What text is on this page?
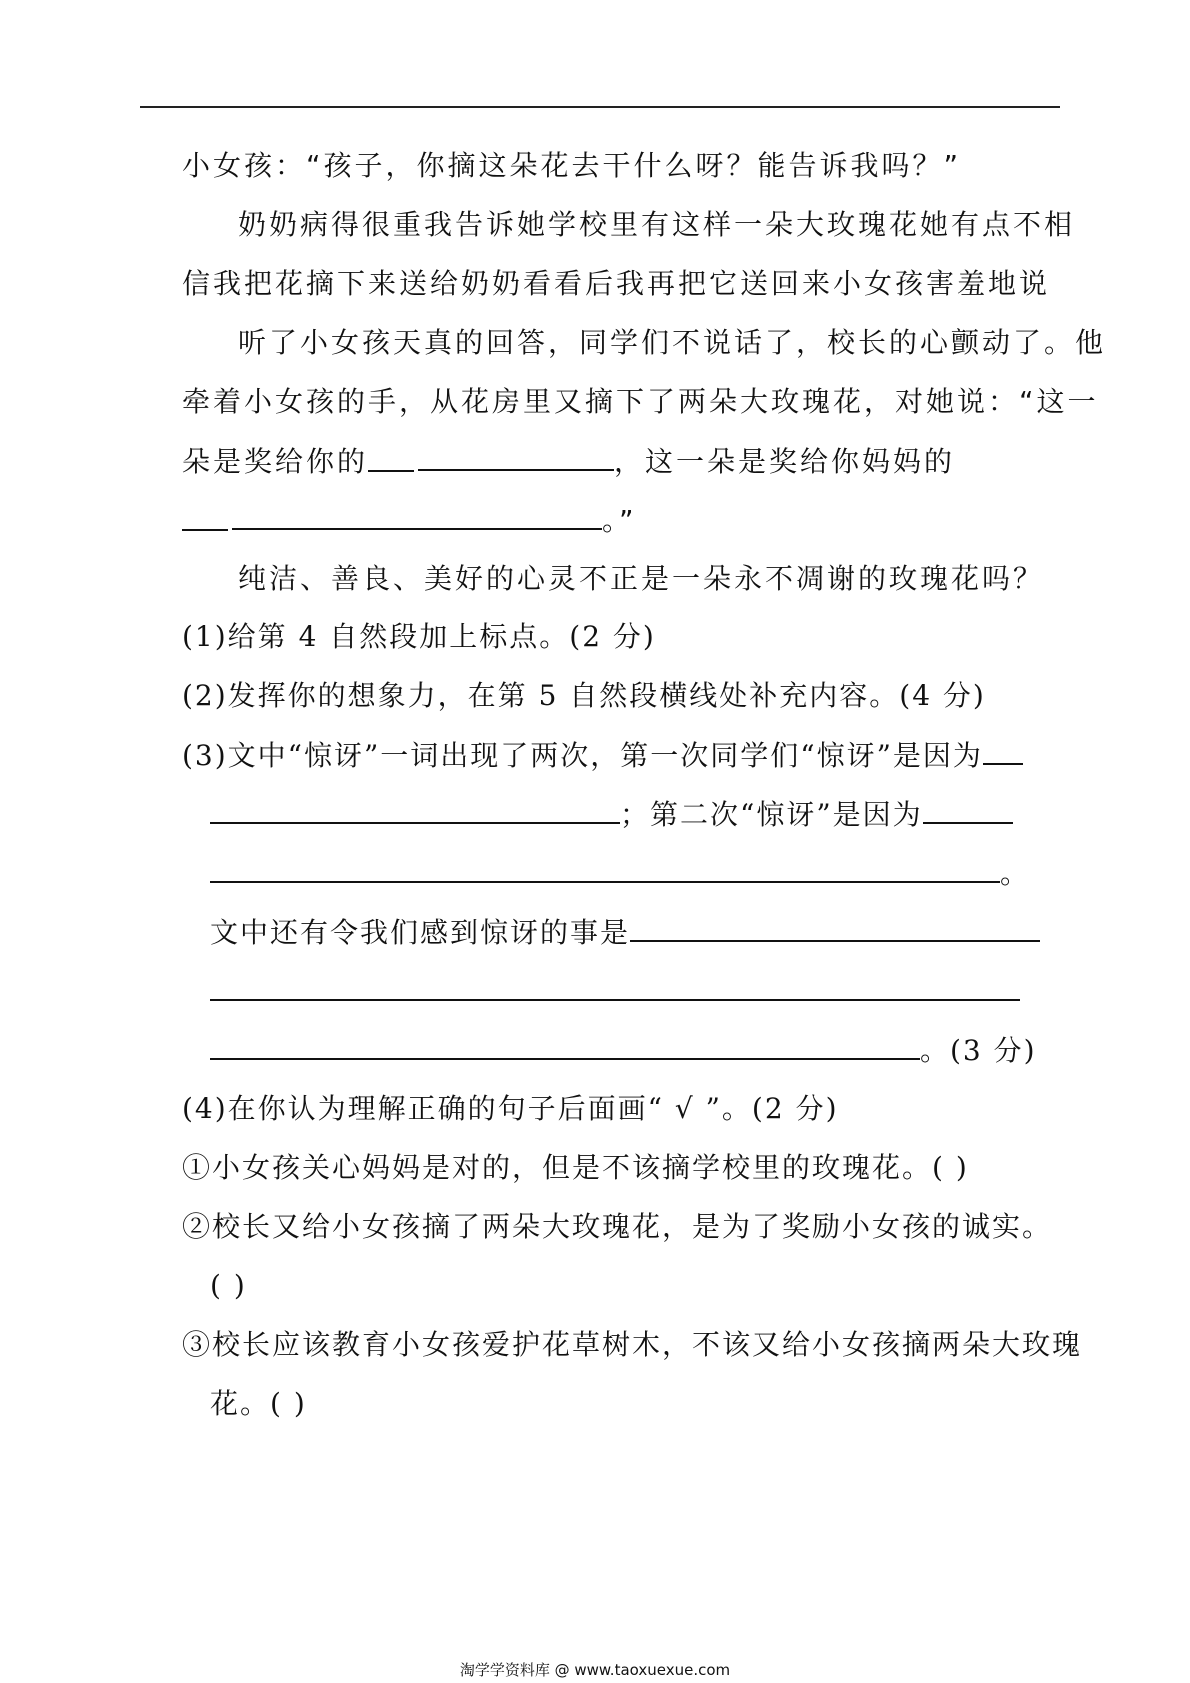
小女孩：“孩子，你摘这朵花去干什么呀？能告诉我吗？”
奶奶病得很重我告诉她学校里有这样一朵大玫瑰花她有点不相
信我把花摘下来送给奶奶看看后我再把它送回来小女孩害羞地说
听了小女孩天真的回答，同学们不说话了，校长的心颤动了。他
牵着小女孩的手，从花房里又摘下了两朵大玫瑰花，对她说：“这一
朵是奖给你的	，这一朵是奖给你妈妈的
。”
纯洁、善良、美好的心灵不正是一朵永不凋谢的玫瑰花吗？
(1)给第 4 自然段加上标点。(2 分)
(2)发挥你的想象力，在第 5 自然段横线处补充内容。(4 分)
(3)文中“惊讶”一词出现了两次，第一次同学们“惊讶”是因为
；第二次“惊讶”是因为
。
文中还有令我们感到惊讶的事是
。(3 分)
(4)在你认为理解正确的句子后面画“ √ ”。(2 分)
①小女孩关心妈妈是对的，但是不该摘学校里的玫瑰花。( )
②校长又给小女孩摘了两朵大玫瑰花，是为了奖励小女孩的诚实。
( )
③校长应该教育小女孩爱护花草树木，不该又给小女孩摘两朵大玫瑰
花。( )
淘学学资料库 @ www.taoxuexue.com
